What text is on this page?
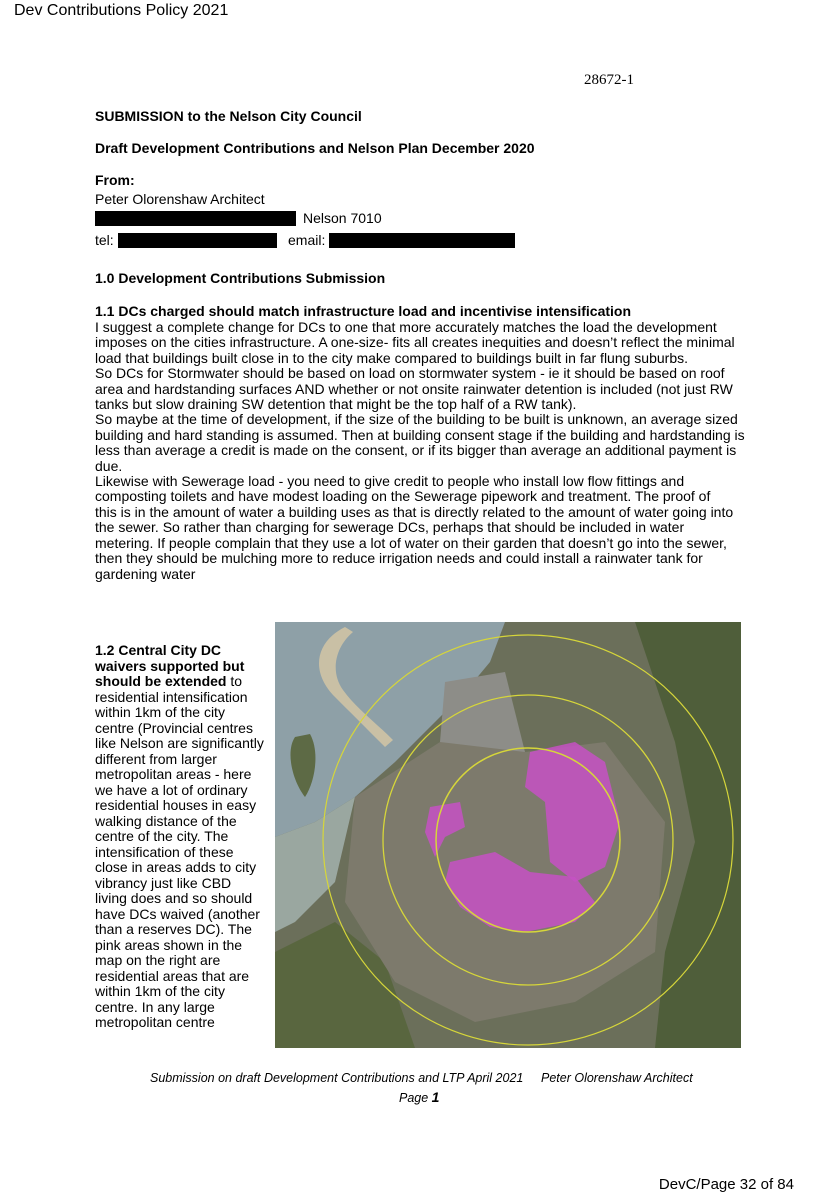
Dev Contributions Policy 2021
28672-1
SUBMISSION to the Nelson City Council
Draft Development Contributions and Nelson Plan December 2020
From:
Peter Olorenshaw Architect
Nelson 7010
tel:	email:
1.0 Development Contributions Submission
1.1 DCs charged should match infrastructure load and incentivise intensification

I suggest a complete change for DCs to one that more accurately matches the load the development imposes on the cities infrastructure. A one-size- fits all creates inequities and doesn’t reflect the minimal load that buildings built close in to the city make compared to buildings built in far flung suburbs.

So DCs for Stormwater should be based on load on stormwater system - ie it should be based on roof area and hardstanding surfaces AND whether or not onsite rainwater detention is included (not just RW tanks but slow draining SW detention that might be the top half of a RW tank).

So maybe at the time of development, if the size of the building to be built is unknown, an average sized building and hard standing is assumed. Then at building consent stage if the building and hardstanding is less than average a credit is made on the consent, or if its bigger than average an additional payment is due.

Likewise with Sewerage load - you need to give credit to people who install low flow fittings and composting toilets and have modest loading on the Sewerage pipework and treatment. The proof of this is in the amount of water a building uses as that is directly related to the amount of water going into the sewer. So rather than charging for sewerage DCs, perhaps that should be included in water metering. If people complain that they use a lot of water on their garden that doesn’t go into the sewer, then they should be mulching more to reduce irrigation needs and could install a rainwater tank for gardening water

1.2 Central City DC waivers supported but should be extended to residential intensification within 1km of the city centre (Provincial centres like Nelson are significantly different from larger metropolitan areas - here we have a lot of ordinary residential houses in easy walking distance of the centre of the city. The intensification of these close in areas adds to city vibrancy just like CBD living does and so should have DCs waived (another than a reserves DC). The pink areas shown in the map on the right are residential areas that are within 1km of the city centre. In any large metropolitan centre
Submission on draft Development Contributions and LTP April 2021 Peter Olorenshaw Architect
Page 1
DevC/Page 32 of 84
